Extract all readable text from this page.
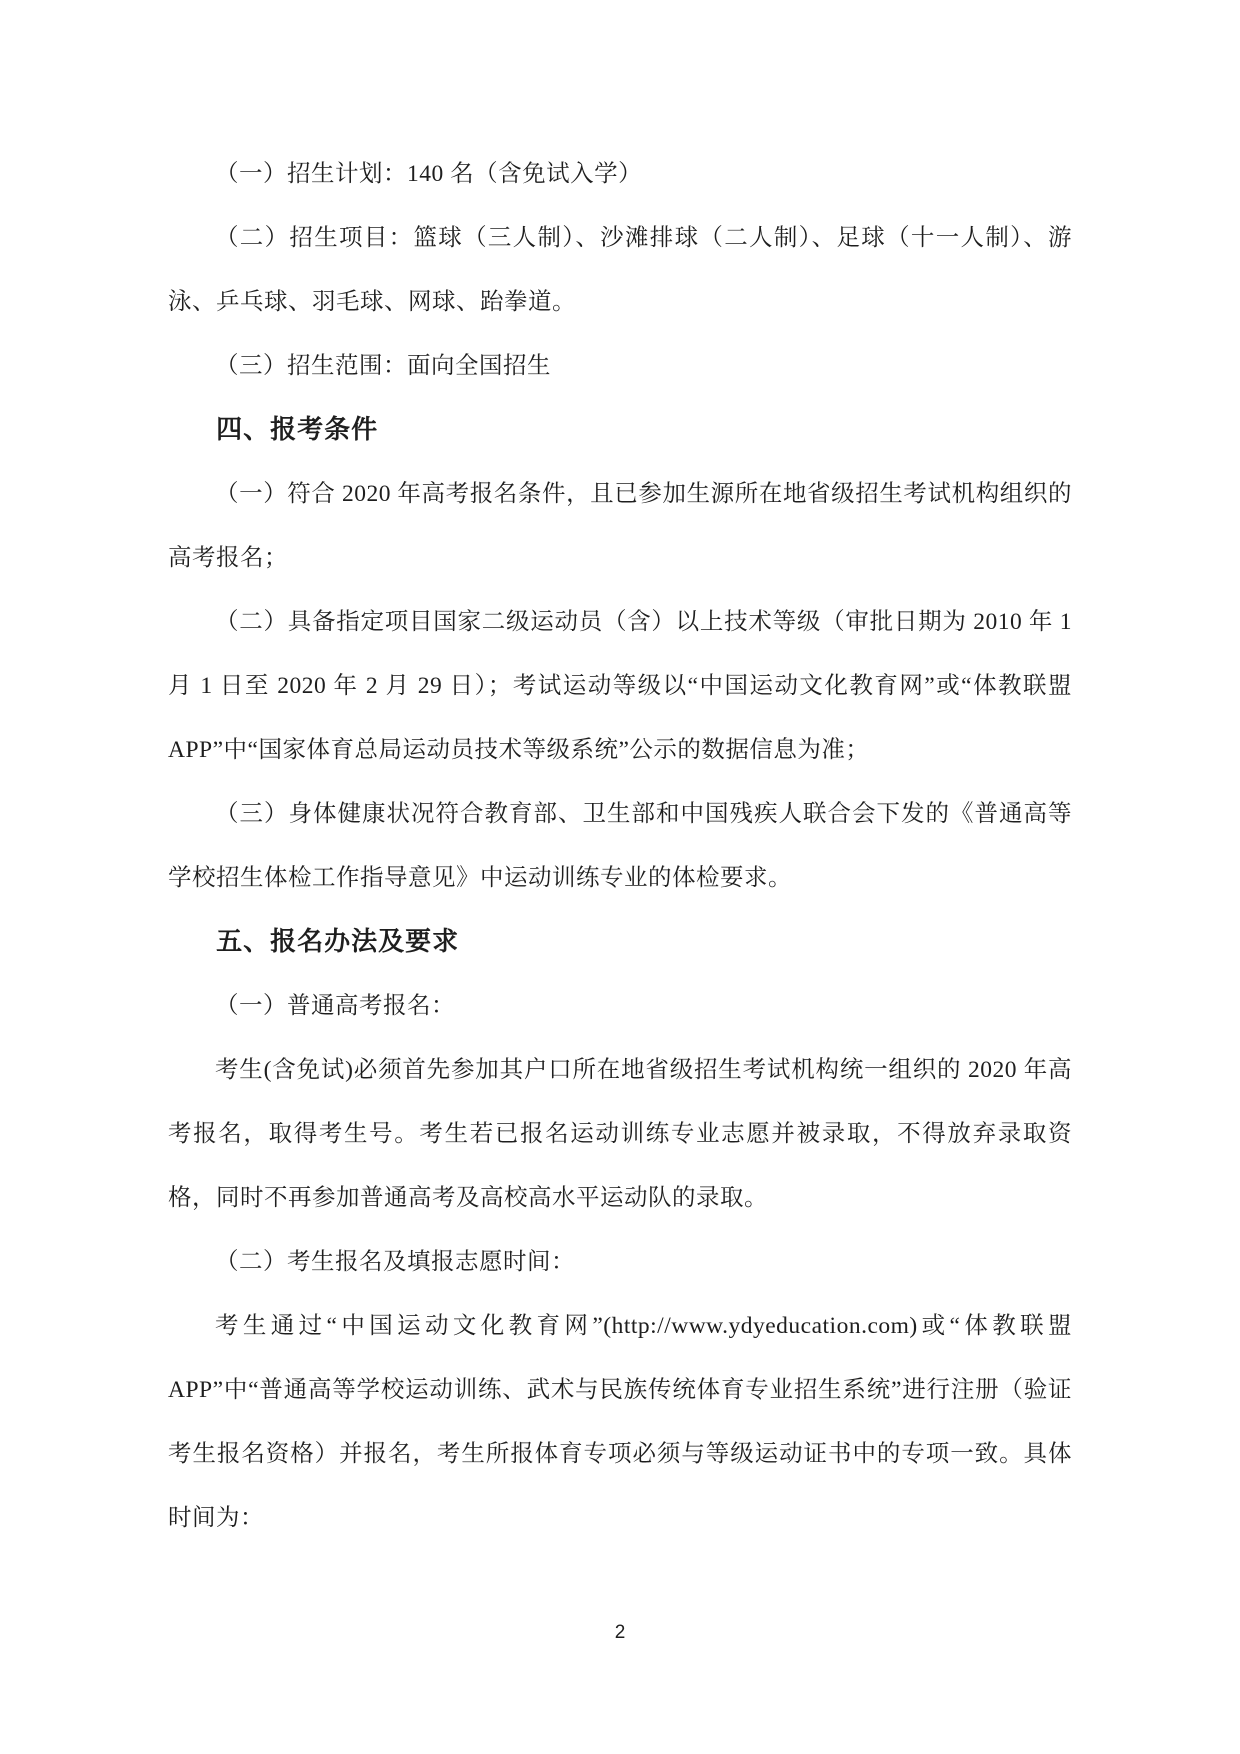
（一）招生计划：140 名（含免试入学）

（二）招生项目：篮球（三人制）、沙滩排球（二人制）、足球（十一人制）、游泳、乒乓球、羽毛球、网球、跆拳道。

（三）招生范围：面向全国招生

四、报考条件

（一）符合 2020 年高考报名条件，且已参加生源所在地省级招生考试机构组织的高考报名；

（二）具备指定项目国家二级运动员（含）以上技术等级（审批日期为 2010 年 1 月 1 日至 2020 年 2 月 29 日）；考试运动等级以“中国运动文化教育网”或“体教联盟 APP”中“国家体育总局运动员技术等级系统”公示的数据信息为准；

（三）身体健康状况符合教育部、卫生部和中国残疾人联合会下发的《普通高等学校招生体检工作指导意见》中运动训练专业的体检要求。

五、报名办法及要求

（一）普通高考报名：

考生(含免试)必须首先参加其户口所在地省级招生考试机构统一组织的 2020 年高考报名，取得考生号。考生若已报名运动训练专业志愿并被录取，不得放弃录取资格，同时不再参加普通高考及高校高水平运动队的录取。

（二）考生报名及填报志愿时间：

考生通过“中国运动文化教育网”(http://www.ydyeducation.com)或“体教联盟 APP”中“普通高等学校运动训练、武术与民族传统体育专业招生系统”进行注册（验证考生报名资格）并报名，考生所报体育专项必须与等级运动证书中的专项一致。具体时间为：

2
